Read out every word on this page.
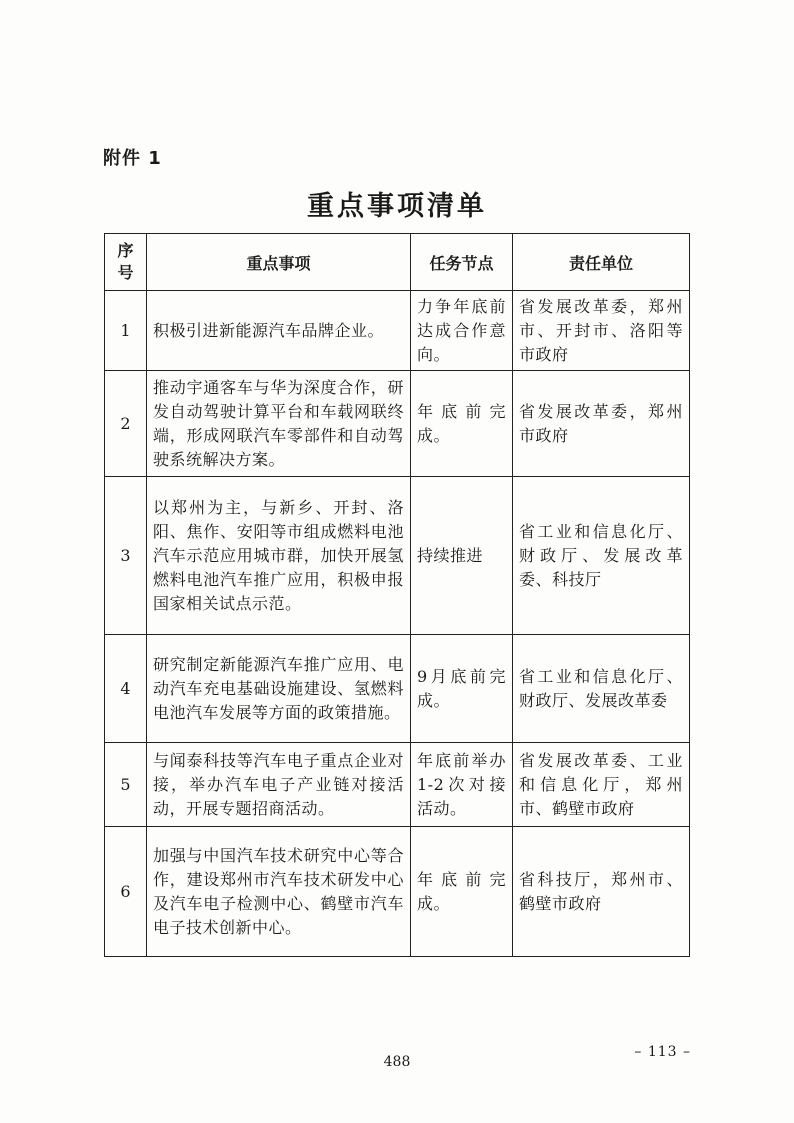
附件 1
重点事项清单
序号	重点事项	任务节点	责任单位
1	积极引进新能源汽车品牌企业。	力争年底前达成合作意向。	省发展改革委，郑州市、开封市、洛阳等市政府
2	推动宇通客车与华为深度合作，研发自动驾驶计算平台和车载网联终端，形成网联汽车零部件和自动驾驶系统解决方案。	年底前完成。	省发展改革委，郑州市政府
3	以郑州为主，与新乡、开封、洛阳、焦作、安阳等市组成燃料电池汽车示范应用城市群，加快开展氢燃料电池汽车推广应用，积极申报国家相关试点示范。	持续推进	省工业和信息化厅、财政厅、发展改革委、科技厅
4	研究制定新能源汽车推广应用、电动汽车充电基础设施建设、氢燃料电池汽车发展等方面的政策措施。	9月底前完成。	省工业和信息化厅、财政厅、发展改革委
5	与闻泰科技等汽车电子重点企业对接，举办汽车电子产业链对接活动，开展专题招商活动。	年底前举办1-2次对接活动。	省发展改革委、工业和信息化厅，郑州市、鹤壁市政府
6	加强与中国汽车技术研究中心等合作，建设郑州市汽车技术研发中心及汽车电子检测中心、鹤壁市汽车电子技术创新中心。	年底前完成。	省科技厅，郑州市、鹤壁市政府
488
– 113 –
